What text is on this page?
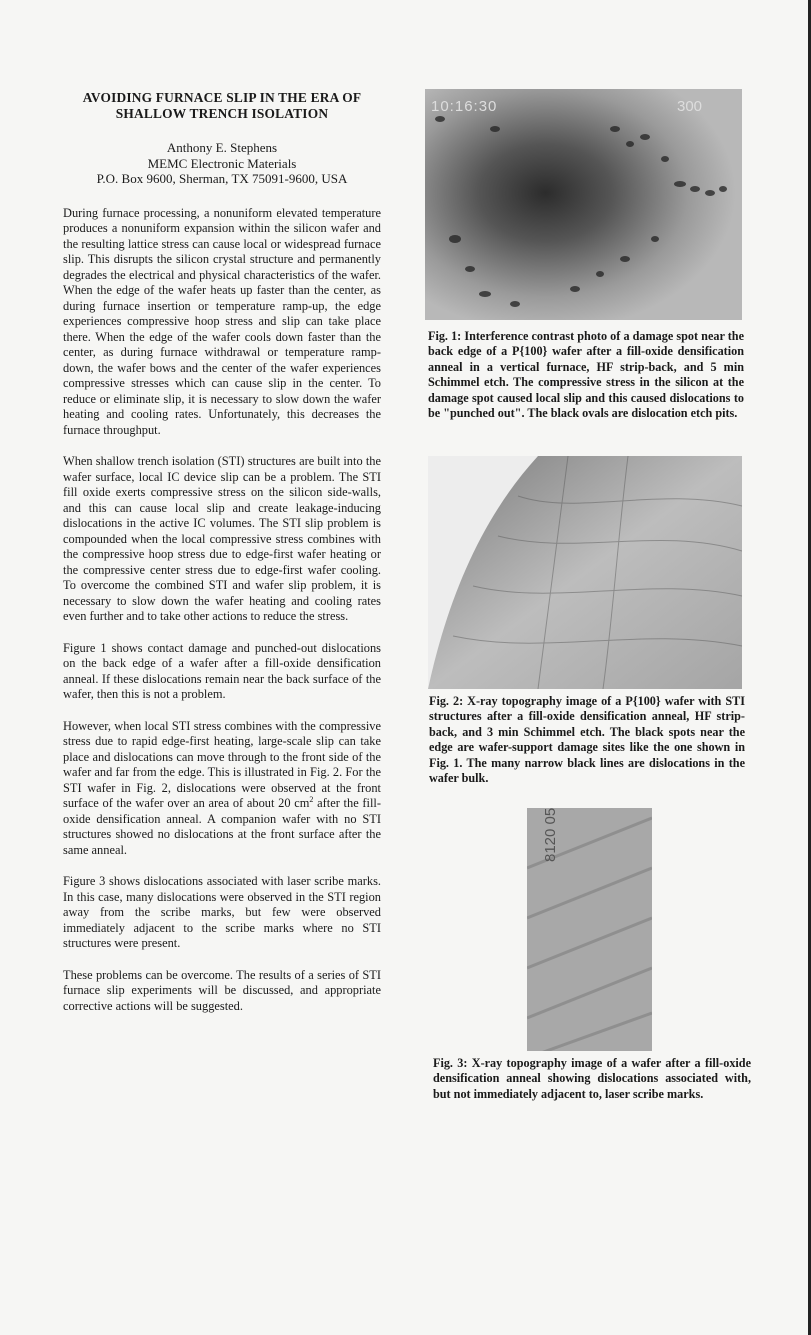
AVOIDING FURNACE SLIP IN THE ERA OF
SHALLOW TRENCH ISOLATION

Anthony E. Stephens
MEMC Electronic Materials
P.O. Box 9600, Sherman, TX 75091-9600, USA

During furnace processing, a nonuniform elevated temperature produces a nonuniform expansion within the silicon wafer and the resulting lattice stress can cause local or widespread furnace slip. This disrupts the silicon crystal structure and permanently degrades the electrical and physical characteristics of the wafer. When the edge of the wafer heats up faster than the center, as during furnace insertion or temperature ramp-up, the edge experiences compressive hoop stress and slip can take place there. When the edge of the wafer cools down faster than the center, as during furnace withdrawal or temperature ramp-down, the wafer bows and the center of the wafer experiences compressive stresses which can cause slip in the center. To reduce or eliminate slip, it is necessary to slow down the wafer heating and cooling rates. Unfortunately, this decreases the furnace throughput.

When shallow trench isolation (STI) structures are built into the wafer surface, local IC device slip can be a problem. The STI fill oxide exerts compressive stress on the silicon side-walls, and this can cause local slip and create leakage-inducing dislocations in the active IC volumes. The STI slip problem is compounded when the local compressive stress combines with the compressive hoop stress due to edge-first wafer heating or the compressive center stress due to edge-first wafer cooling. To overcome the combined STI and wafer slip problem, it is necessary to slow down the wafer heating and cooling rates even further and to take other actions to reduce the stress.

Figure 1 shows contact damage and punched-out dislocations on the back edge of a wafer after a fill-oxide densification anneal. If these dislocations remain near the back surface of the wafer, then this is not a problem.

However, when local STI stress combines with the compressive stress due to rapid edge-first heating, large-scale slip can take place and dislocations can move through to the front side of the wafer and far from the edge. This is illustrated in Fig. 2. For the STI wafer in Fig. 2, dislocations were observed at the front surface of the wafer over an area of about 20 $cm^2$ after the fill-oxide densification anneal. A companion wafer with no STI structures showed no dislocations at the front surface after the same anneal.

Figure 3 shows dislocations associated with laser scribe marks. In this case, many dislocations were observed in the STI region away from the scribe marks, but few were observed immediately adjacent to the scribe marks where no STI structures were present.

These problems can be overcome. The results of a series of STI furnace slip experiments will be discussed, and appropriate corrective actions will be suggested.

10:16:30	300
Fig. 1: Interference contrast photo of a damage spot near the back edge of a P{100} wafer after a fill-oxide densification anneal in a vertical furnace, HF strip-back, and 5 min Schimmel etch. The compressive stress in the silicon at the damage spot caused local slip and this caused dislocations to be "punched out". The black ovals are dislocation etch pits.
Fig. 2: X-ray topography image of a P{100} wafer with STI structures after a fill-oxide densification anneal, HF strip-back, and 3 min Schimmel etch. The black spots near the edge are wafer-support damage sites like the one shown in Fig. 1. The many narrow black lines are dislocations in the wafer bulk.
8120 05
Fig. 3: X-ray topography image of a wafer after a fill-oxide densification anneal showing dislocations associated with, but not immediately adjacent to, laser scribe marks.
